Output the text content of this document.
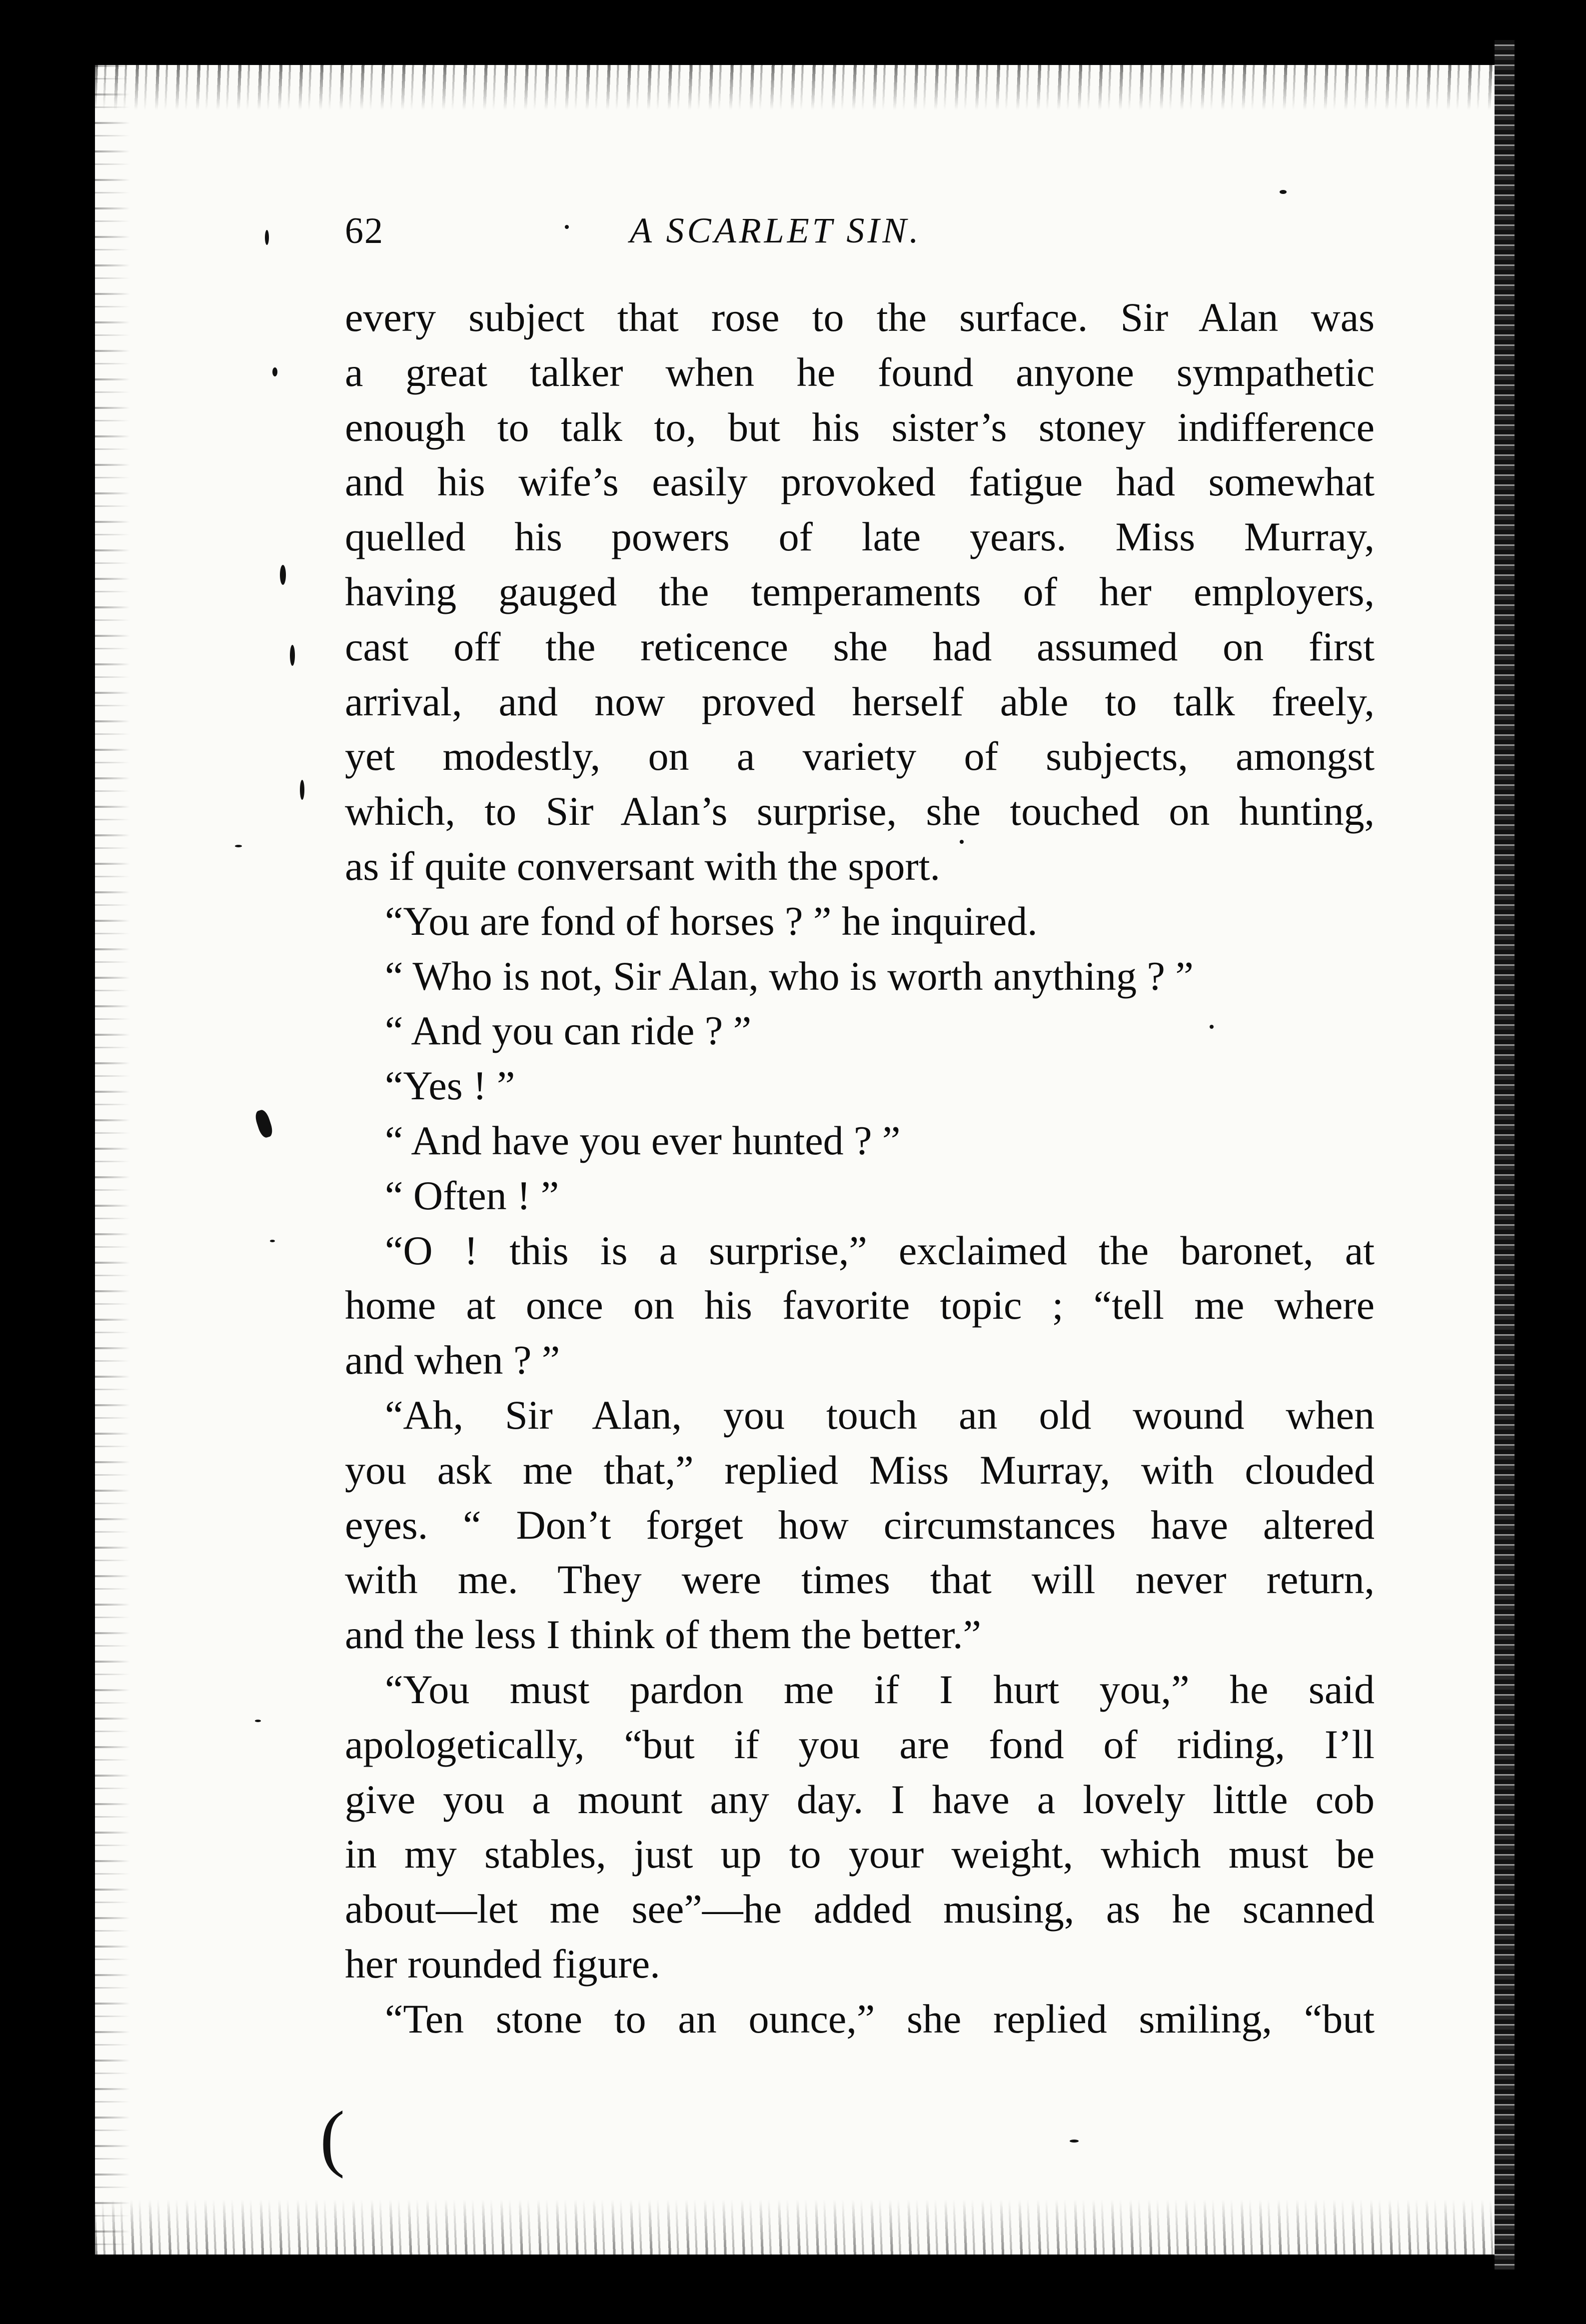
(
62	A SCARLET SIN.
every subject that rose to the surface. Sir Alan was
a great talker when he found anyone sympathetic
enough to talk to, but his sister’s stoney indifference
and his wife’s easily provoked fatigue had somewhat
quelled his powers of late years. Miss Murray,
having gauged the temperaments of her employers,
cast off the reticence she had assumed on first
arrival, and now proved herself able to talk freely,
yet modestly, on a variety of subjects, amongst
which, to Sir Alan’s surprise, she touched on hunting,
as if quite conversant with the sport.
“You are fond of horses ? ” he inquired.
“ Who is not, Sir Alan, who is worth anything ? ”
“ And you can ride ? ”
“Yes ! ”
“ And have you ever hunted ? ”
“ Often ! ”
“O ! this is a surprise,” exclaimed the baronet, at
home at once on his favorite topic ; “tell me where
and when ? ”
“Ah, Sir Alan, you touch an old wound when
you ask me that,” replied Miss Murray, with clouded
eyes. “ Don’t forget how circumstances have altered
with me. They were times that will never return,
and the less I think of them the better.”
“You must pardon me if I hurt you,” he said
apologetically, “but if you are fond of riding, I’ll
give you a mount any day. I have a lovely little cob
in my stables, just up to your weight, which must be
about—let me see”—he added musing, as he scanned
her rounded figure.
“Ten stone to an ounce,” she replied smiling, “but
